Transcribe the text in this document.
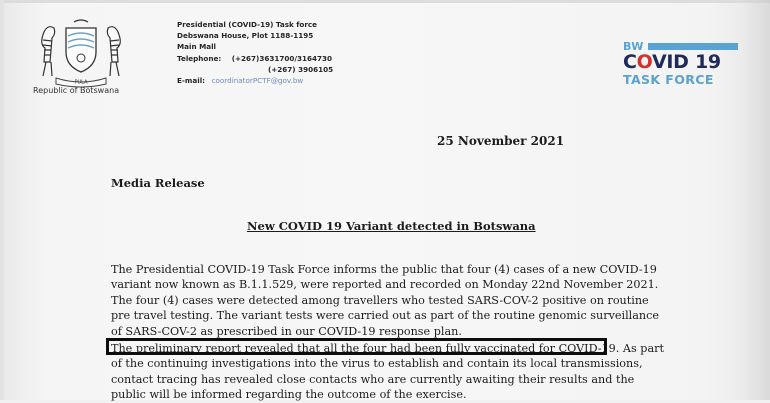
PULA
Republic of Botswana
Presidential (COVID-19) Task force
Debswana House, Plot 1188-1195
Main Mall
Telephone: (+267)3631700/3164730
(+267) 3906105
E-mail: coordinatorPCTF@gov.bw
BW
COVID 19
TASK FORCE
25 November 2021
Media Release
New COVID 19 Variant detected in Botswana
The Presidential COVID-19 Task Force informs the public that four (4) cases of a new COVID-19
variant now known as B.1.1.529, were reported and recorded on Monday 22nd November 2021.
The four (4) cases were detected among travellers who tested SARS-COV-2 positive on routine
pre travel testing. The variant tests were carried out as part of the routine genomic surveillance
of SARS-COV-2 as prescribed in our COVID-19 response plan.
The preliminary report revealed that all the four had been fully vaccinated for COVID-19. As part
of the continuing investigations into the virus to establish and contain its local transmissions,
contact tracing has revealed close contacts who are currently awaiting their results and the
public will be informed regarding the outcome of the exercise.
